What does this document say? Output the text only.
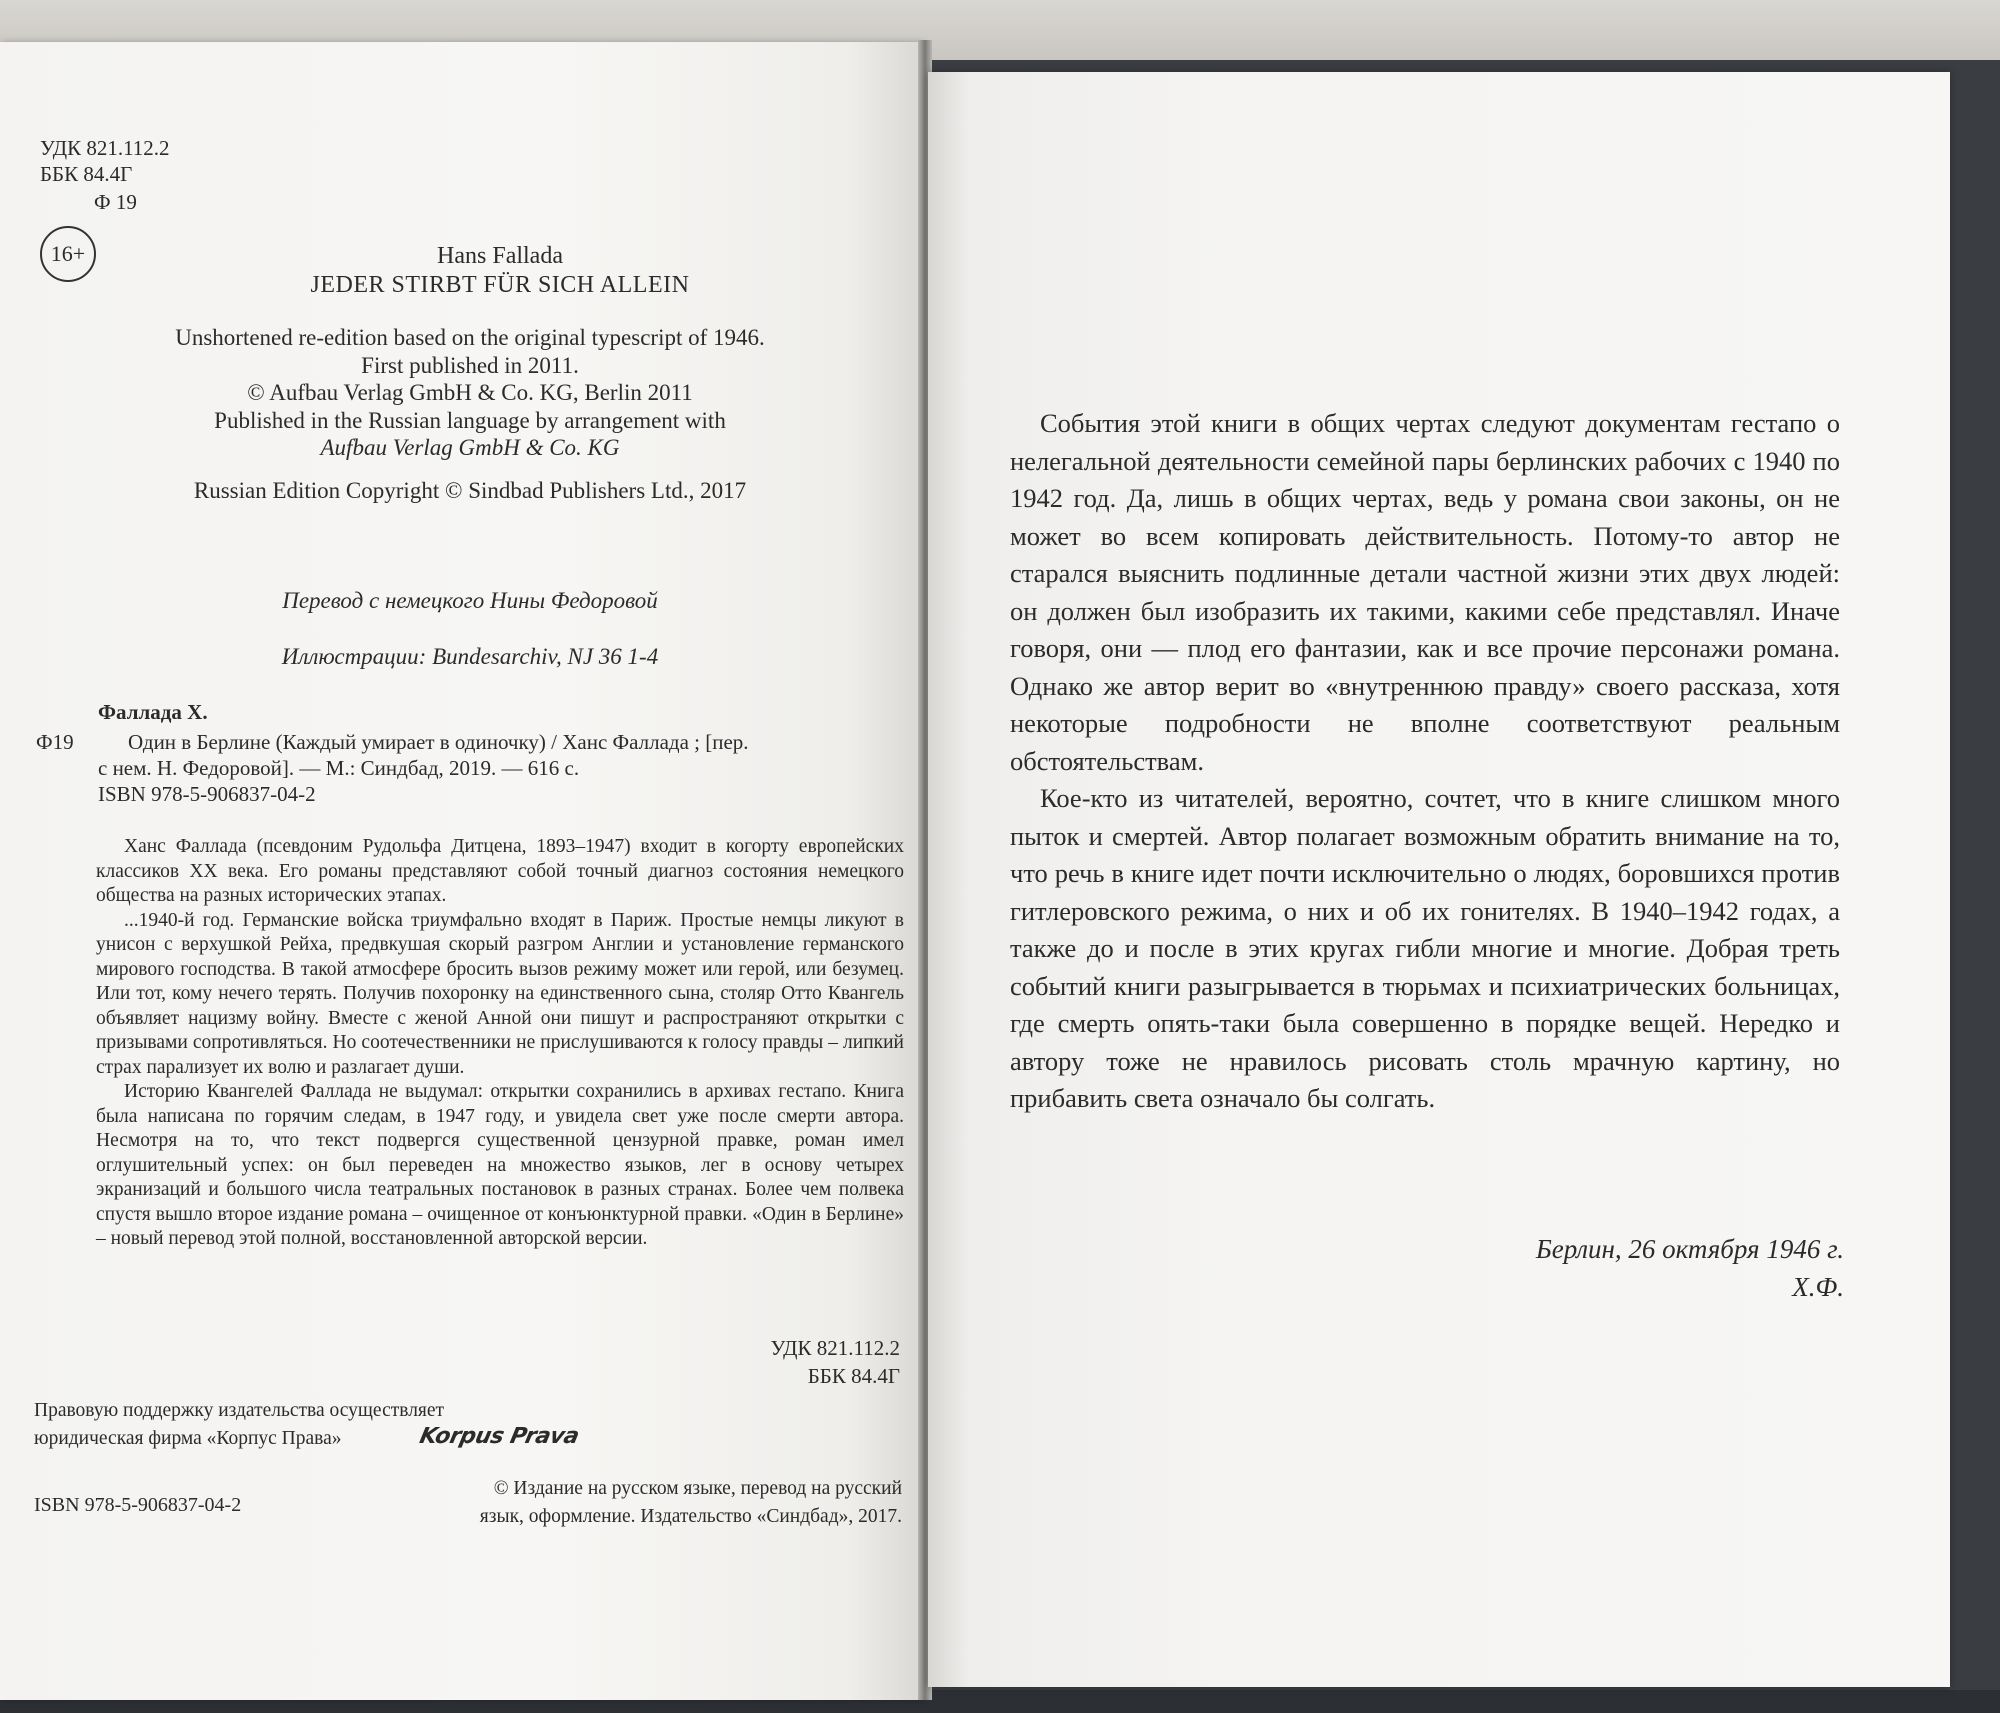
УДК 821.112.2
ББК 84.4Г
Ф 19
16+	Hans Fallada
JEDER STIRBT FÜR SICH ALLEIN
Unshortened re-edition based on the original typescript of 1946.
First published in 2011.
© Aufbau Verlag GmbH & Co. KG, Berlin 2011
Published in the Russian language by arrangement with
Aufbau Verlag GmbH & Co. KG
Russian Edition Copyright © Sindbad Publishers Ltd., 2017
Перевод с немецкого Нины Федоровой
Иллюстрации: Bundesarchiv, NJ 36 1-4
Фаллада Х.
Ф19	Один в Берлине (Каждый умирает в одиночку) / Ханс Фаллада ; [пер.
с нем. Н. Федоровой]. — М.: Синдбад, 2019. — 616 с.
ISBN 978-5-906837-04-2

Ханс Фаллада (псевдоним Рудольфа Дитцена, 1893–1947) входит в когорту европейских классиков XX века. Его романы представляют собой точный диагноз состояния немецкого общества на разных исторических этапах.

...1940-й год. Германские войска триумфально входят в Париж. Простые немцы ликуют в унисон с верхушкой Рейха, предвкушая скорый разгром Англии и установление германского мирового господства. В такой атмосфере бросить вызов режиму может или герой, или безумец. Или тот, кому нечего терять. Получив похоронку на единственного сына, столяр Отто Квангель объявляет нацизму войну. Вместе с женой Анной они пишут и распространяют открытки с призывами сопротивляться. Но соотечественники не прислушиваются к голосу правды – липкий страх парализует их волю и разлагает души.

Историю Квангелей Фаллада не выдумал: открытки сохранились в архивах гестапо. Книга была написана по горячим следам, в 1947 году, и увидела свет уже после смерти автора. Несмотря на то, что текст подвергся существенной цензурной правке, роман имел оглушительный успех: он был переведен на множество языков, лег в основу четырех экранизаций и большого числа театральных постановок в разных странах. Более чем полвека спустя вышло второе издание романа – очищенное от конъюнктурной правки. «Один в Берлине» – новый перевод этой полной, восстановленной авторской версии.

УДК 821.112.2
ББК 84.4Г
Правовую поддержку издательства осуществляет
юридическая фирма «Корпус Права»	Korpus Prava
ISBN 978-5-906837-04-2
© Издание на русском языке, перевод на русский
язык, оформление. Издательство «Синдбад», 2017.

События этой книги в общих чертах следуют документам гестапо о нелегальной деятельности семейной пары берлинских рабочих с 1940 по 1942 год. Да, лишь в общих чертах, ведь у романа свои законы, он не может во всем копировать действительность. Потому-то автор не старался выяснить подлинные детали частной жизни этих двух людей: он должен был изобразить их такими, какими себе представлял. Иначе говоря, они — плод его фантазии, как и все прочие персонажи романа. Однако же автор верит во «внутреннюю правду» своего рассказа, хотя некоторые подробности не вполне соответствуют реальным обстоятельствам.

Кое-кто из читателей, вероятно, сочтет, что в книге слишком много пыток и смертей. Автор полагает возможным обратить внимание на то, что речь в книге идет почти исключительно о людях, боровшихся против гитлеровского режима, о них и об их гонителях. В 1940–1942 годах, а также до и после в этих кругах гибли многие и многие. Добрая треть событий книги разыгрывается в тюрьмах и психиатрических больницах, где смерть опять-таки была совершенно в порядке вещей. Нередко и автору тоже не нравилось рисовать столь мрачную картину, но прибавить света означало бы солгать.

Берлин, 26 октября 1946 г.
Х.Ф.
